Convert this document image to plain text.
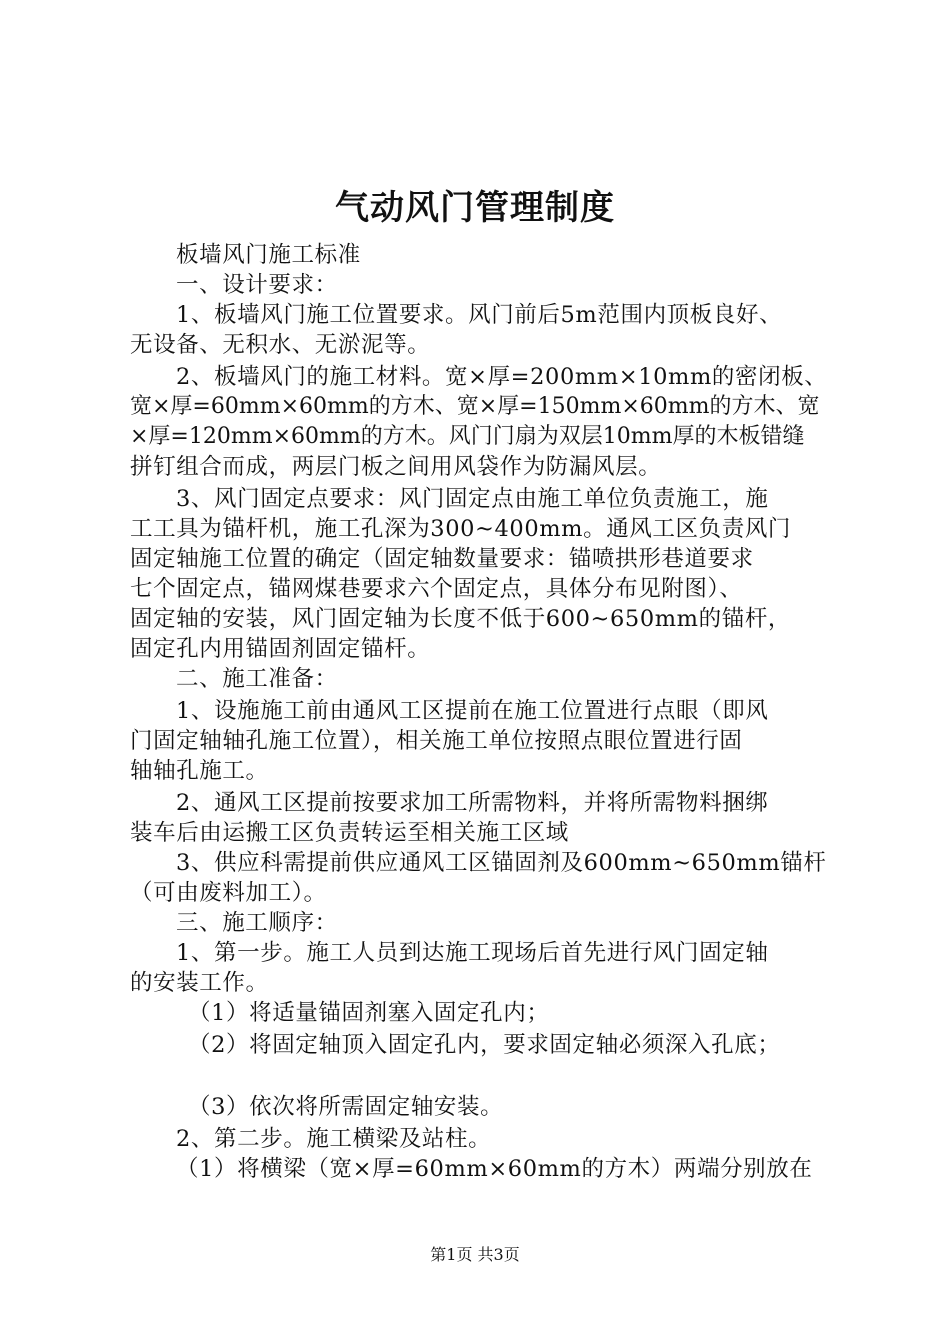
气动风门管理制度
板墙风门施工标准
一、设计要求：
1、板墙风门施工位置要求。风门前后5m范围内顶板良好、
无设备、无积水、无淤泥等。
2、板墙风门的施工材料。宽×厚=200mm×10mm的密闭板、
宽×厚=60mm×60mm的方木、宽×厚=150mm×60mm的方木、宽
×厚=120mm×60mm的方木。风门门扇为双层10mm厚的木板错缝
拼钉组合而成，两层门板之间用风袋作为防漏风层。
3、风门固定点要求：风门固定点由施工单位负责施工，施
工工具为锚杆机，施工孔深为300~400mm。通风工区负责风门
固定轴施工位置的确定（固定轴数量要求：锚喷拱形巷道要求
七个固定点，锚网煤巷要求六个固定点，具体分布见附图）、
固定轴的安装，风门固定轴为长度不低于600~650mm的锚杆，
固定孔内用锚固剂固定锚杆。
二、施工准备：
1、设施施工前由通风工区提前在施工位置进行点眼（即风
门固定轴轴孔施工位置），相关施工单位按照点眼位置进行固
轴轴孔施工。
2、通风工区提前按要求加工所需物料，并将所需物料捆绑
装车后由运搬工区负责转运至相关施工区域
3、供应科需提前供应通风工区锚固剂及600mm~650mm锚杆
（可由废料加工）。
三、施工顺序：
1、第一步。施工人员到达施工现场后首先进行风门固定轴
的安装工作。
（1）将适量锚固剂塞入固定孔内；
（2）将固定轴顶入固定孔内，要求固定轴必须深入孔底；
（3）依次将所需固定轴安装。
2、第二步。施工横梁及站柱。
（1）将横梁（宽×厚=60mm×60mm的方木）两端分别放在
第1页 共3页
